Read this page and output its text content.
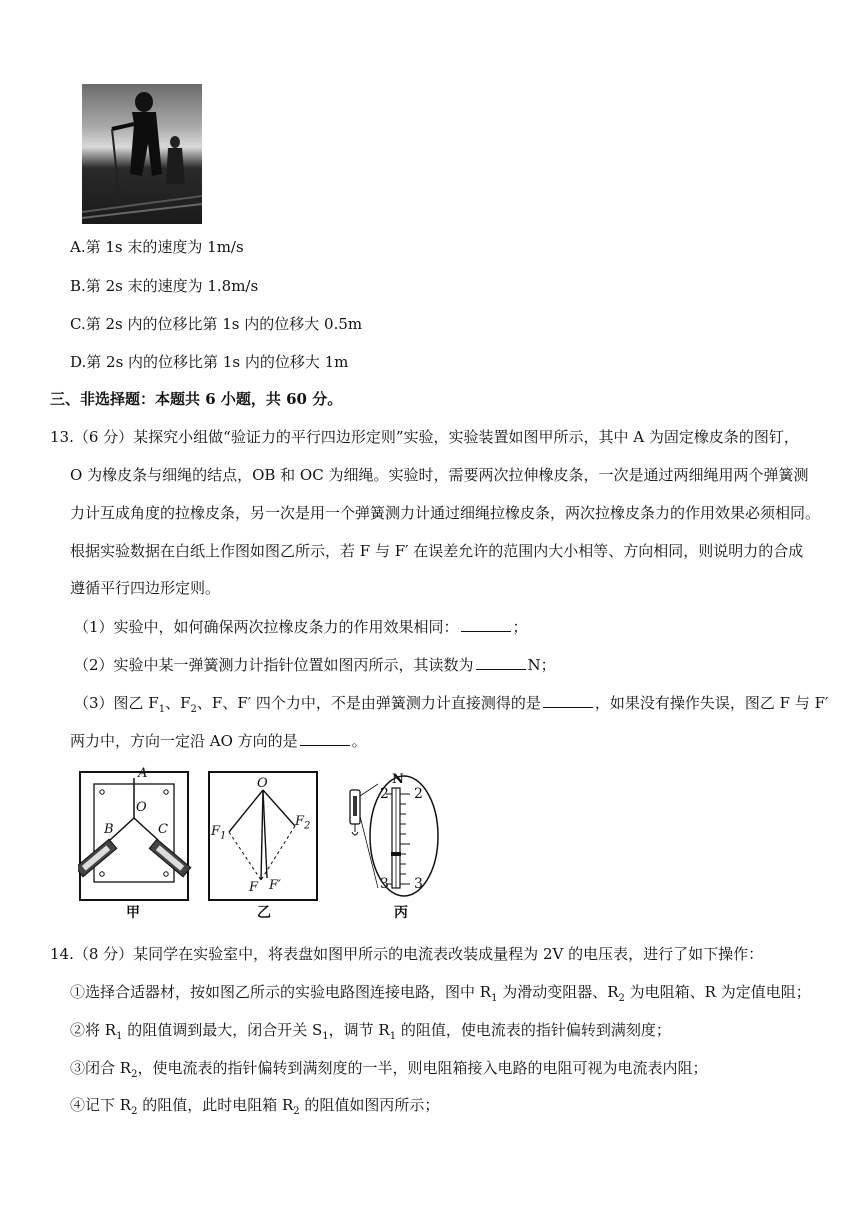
A.第 1s 末的速度为 1m/s
B.第 2s 末的速度为 1.8m/s
C.第 2s 内的位移比第 1s 内的位移大 0.5m
D.第 2s 内的位移比第 1s 内的位移大 1m
三、非选择题：本题共 6 小题，共 60 分。
13.（6 分）某探究小组做“验证力的平行四边形定则”实验，实验装置如图甲所示，其中 A 为固定橡皮条的图钉，
O 为橡皮条与细绳的结点，OB 和 OC 为细绳。实验时，需要两次拉伸橡皮条，一次是通过两细绳用两个弹簧测
力计互成角度的拉橡皮条，另一次是用一个弹簧测力计通过细绳拉橡皮条，两次拉橡皮条力的作用效果必须相同。
根据实验数据在白纸上作图如图乙所示，若 F 与 F′ 在误差允许的范围内大小相等、方向相同，则说明力的合成
遵循平行四边形定则。
（1）实验中，如何确保两次拉橡皮条力的作用效果相同：	；
（2）实验中某一弹簧测力计指针位置如图丙所示，其读数为	N；
（3）图乙 $F_1$、$F_2$、F、F′ 四个力中，不是由弹簧测力计直接测得的是	，如果没有操作失误，图乙 F 与 F′
两力中，方向一定沿 AO 方向的是	。
A
O
B	C
甲
O
$F_1$
$F_2$
F F′
乙
N
2 2
3 3
丙
14.（8 分）某同学在实验室中，将表盘如图甲所示的电流表改装成量程为 2V 的电压表，进行了如下操作：
①选择合适器材，按如图乙所示的实验电路图连接电路，图中 $R_1$ 为滑动变阻器、$R_2$ 为电阻箱、R 为定值电阻；
②将 $R_1$ 的阻值调到最大，闭合开关 $S_1$，调节 $R_1$ 的阻值，使电流表的指针偏转到满刻度；
③闭合 $R_2$，使电流表的指针偏转到满刻度的一半，则电阻箱接入电路的电阻可视为电流表内阻；
④记下 $R_2$ 的阻值，此时电阻箱 $R_2$ 的阻值如图丙所示；
